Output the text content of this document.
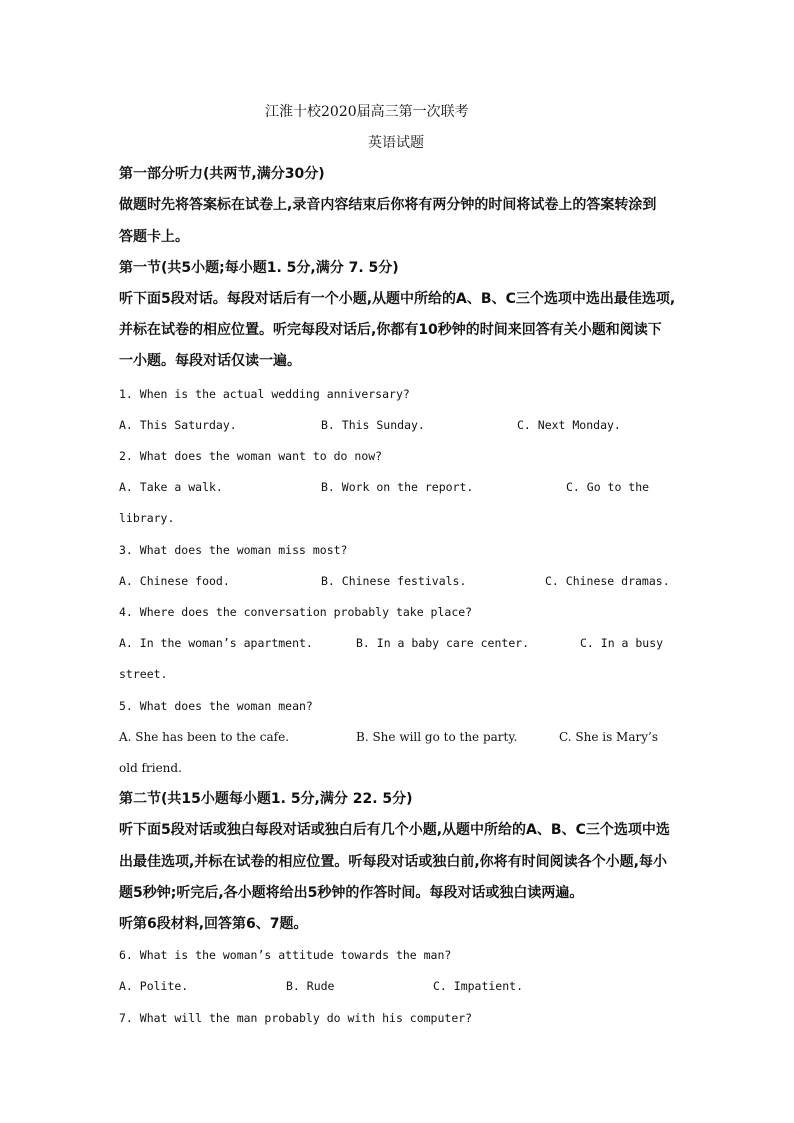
江淮十校2020届高三第一次联考
英语试题
第一部分听力(共两节,满分30分)
做题时先将答案标在试卷上,录音内容结束后你将有两分钟的时间将试卷上的答案转涂到
答题卡上。
第一节(共5小题;每小题1. 5分,满分 7. 5分)
听下面5段对话。每段对话后有一个小题,从题中所给的A、B、C三个选项中选出最佳选项,
并标在试卷的相应位置。听完每段对话后,你都有10秒钟的时间来回答有关小题和阅读下
一小题。每段对话仅读一遍。
1. When is the actual wedding anniversary?
A. This Saturday.	B. This Sunday.	C. Next Monday.
2. What does the woman want to do now?
A. Take a walk.	B. Work on the report.	C. Go to the
library.
3. What does the woman miss most?
A. Chinese food.	B. Chinese festivals.	C. Chinese dramas.
4. Where does the conversation probably take place?
A. In the woman’s apartment.	B. In a baby care center.	C. In a busy
street.
5. What does the woman mean?
A. She has been to the cafe.	B. She will go to the party.	C. She is Mary’s
old friend.
第二节(共15小题每小题1. 5分,满分 22. 5分)
听下面5段对话或独白每段对话或独白后有几个小题,从题中所给的A、B、C三个选项中选
出最佳选项,并标在试卷的相应位置。听每段对话或独白前,你将有时间阅读各个小题,每小
题5秒钟;听完后,各小题将给出5秒钟的作答时间。每段对话或独白读两遍。
听第6段材料,回答第6、7题。
6. What is the woman’s attitude towards the man?
A. Polite.	B. Rude	C. Impatient.
7. What will the man probably do with his computer?
